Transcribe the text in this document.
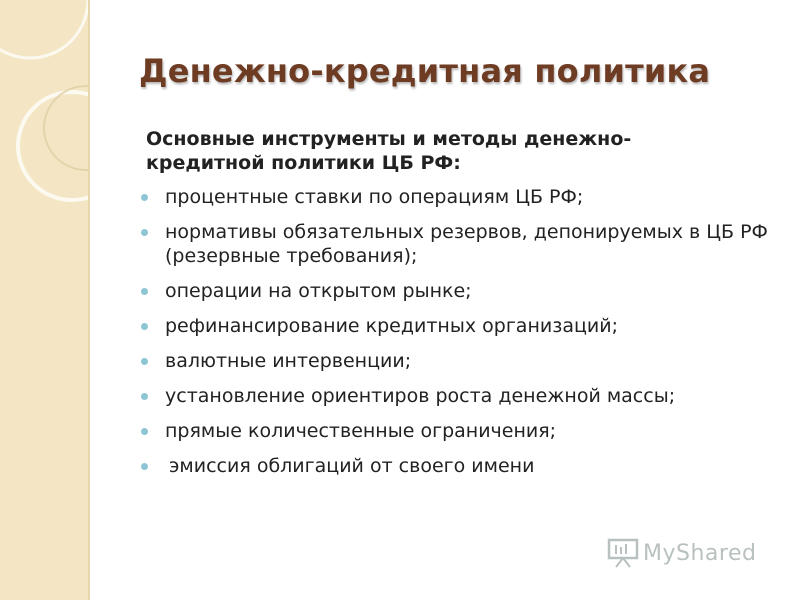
Денежно-кредитная политика

Основные инструменты и методы денежно-
кредитной политики ЦБ РФ:

процентные ставки по операциям ЦБ РФ;
нормативы обязательных резервов, депонируемых в ЦБ РФ (резервные требования);
операции на открытом рынке;
рефинансирование кредитных организаций;
валютные интервенции;
установление ориентиров роста денежной массы;
прямые количественные ограничения;
эмиссия облигаций от своего имени
MyShared
